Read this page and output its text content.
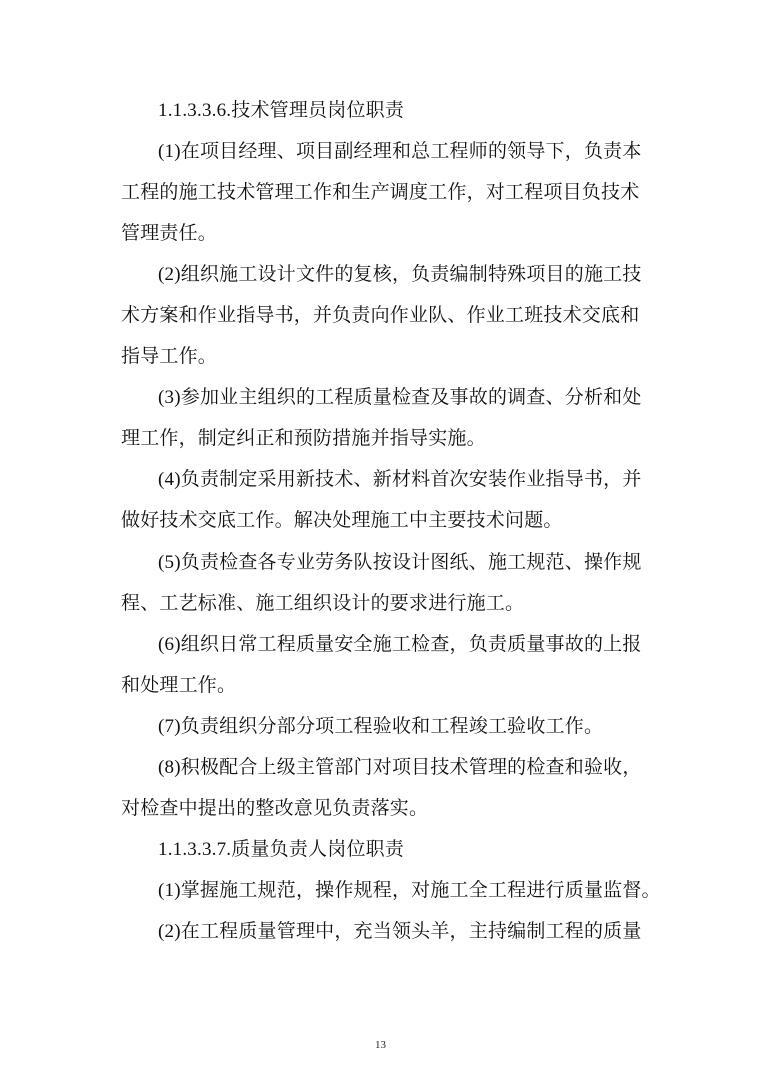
1.1.3.3.6.技术管理员岗位职责
(1)在项目经理、项目副经理和总工程师的领导下，负责本
工程的施工技术管理工作和生产调度工作，对工程项目负技术
管理责任。
(2)组织施工设计文件的复核，负责编制特殊项目的施工技
术方案和作业指导书，并负责向作业队、作业工班技术交底和
指导工作。
(3)参加业主组织的工程质量检查及事故的调查、分析和处
理工作，制定纠正和预防措施并指导实施。
(4)负责制定采用新技术、新材料首次安装作业指导书，并
做好技术交底工作。解决处理施工中主要技术问题。
(5)负责检查各专业劳务队按设计图纸、施工规范、操作规
程、工艺标准、施工组织设计的要求进行施工。
(6)组织日常工程质量安全施工检查，负责质量事故的上报
和处理工作。
(7)负责组织分部分项工程验收和工程竣工验收工作。
(8)积极配合上级主管部门对项目技术管理的检查和验收，
对检查中提出的整改意见负责落实。
1.1.3.3.7.质量负责人岗位职责
(1)掌握施工规范，操作规程，对施工全工程进行质量监督。
(2)在工程质量管理中，充当领头羊，主持编制工程的质量
13
